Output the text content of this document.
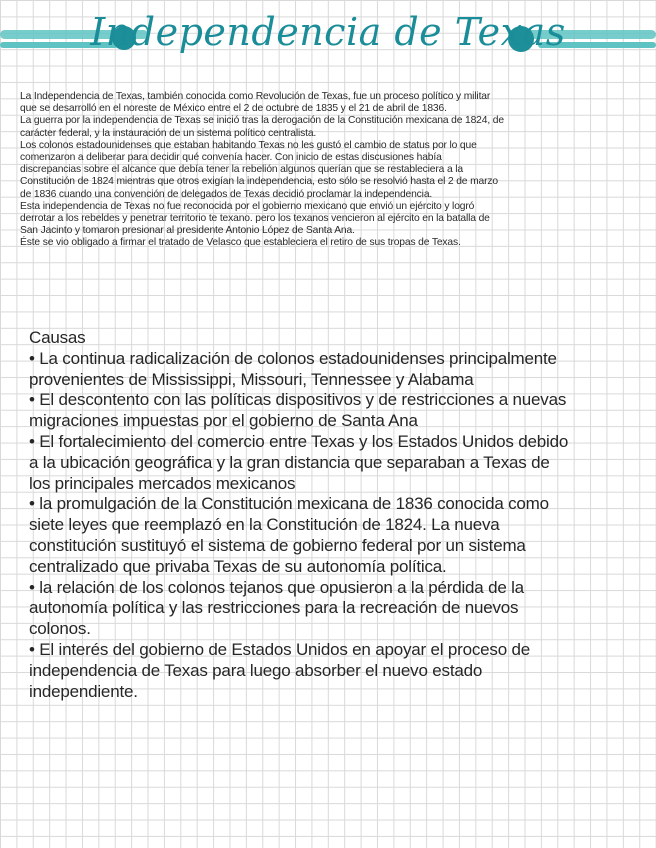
Independencia de Texas

La Independencia de Texas, también conocida como Revolución de Texas, fue un proceso político y militar

que se desarrolló en el noreste de México entre el 2 de octubre de 1835 y el 21 de abril de 1836.

La guerra por la independencia de Texas se inició tras la derogación de la Constitución mexicana de 1824, de

carácter federal, y la instauración de un sistema político centralista.

Los colonos estadounidenses que estaban habitando Texas no les gustó el cambio de status por lo que

comenzaron a deliberar para decidir qué convenía hacer. Con inicio de estas discusiones había

discrepancias sobre el alcance que debía tener la rebelión algunos querían que se restableciera a la

Constitución de 1824 mientras que otros exigían la independencia, esto sólo se resolvió hasta el 2 de marzo

de 1836 cuando una convención de delegados de Texas decidió proclamar la independencia.

Esta independencia de Texas no fue reconocida por el gobierno mexicano que envió un ejército y logró

derrotar a los rebeldes y penetrar territorio te texano. pero los texanos vencieron al ejército en la batalla de

San Jacinto y tomaron presionar al presidente Antonio López de Santa Ana.

Éste se vio obligado a firmar el tratado de Velasco que estableciera el retiro de sus tropas de Texas.

Causas

• La continua radicalización de colonos estadounidenses principalmente

provenientes de Mississippi, Missouri, Tennessee y Alabama

• El descontento con las políticas dispositivos y de restricciones a nuevas

migraciones impuestas por el gobierno de Santa Ana

• El fortalecimiento del comercio entre Texas y los Estados Unidos debido

a la ubicación geográfica y la gran distancia que separaban a Texas de

los principales mercados mexicanos

• la promulgación de la Constitución mexicana de 1836 conocida como

siete leyes que reemplazó en la Constitución de 1824. La nueva

constitución sustituyó el sistema de gobierno federal por un sistema

centralizado que privaba Texas de su autonomía política.

• la relación de los colonos tejanos que opusieron a la pérdida de la

autonomía política y las restricciones para la recreación de nuevos

colonos.

• El interés del gobierno de Estados Unidos en apoyar el proceso de

independencia de Texas para luego absorber el nuevo estado

independiente.
